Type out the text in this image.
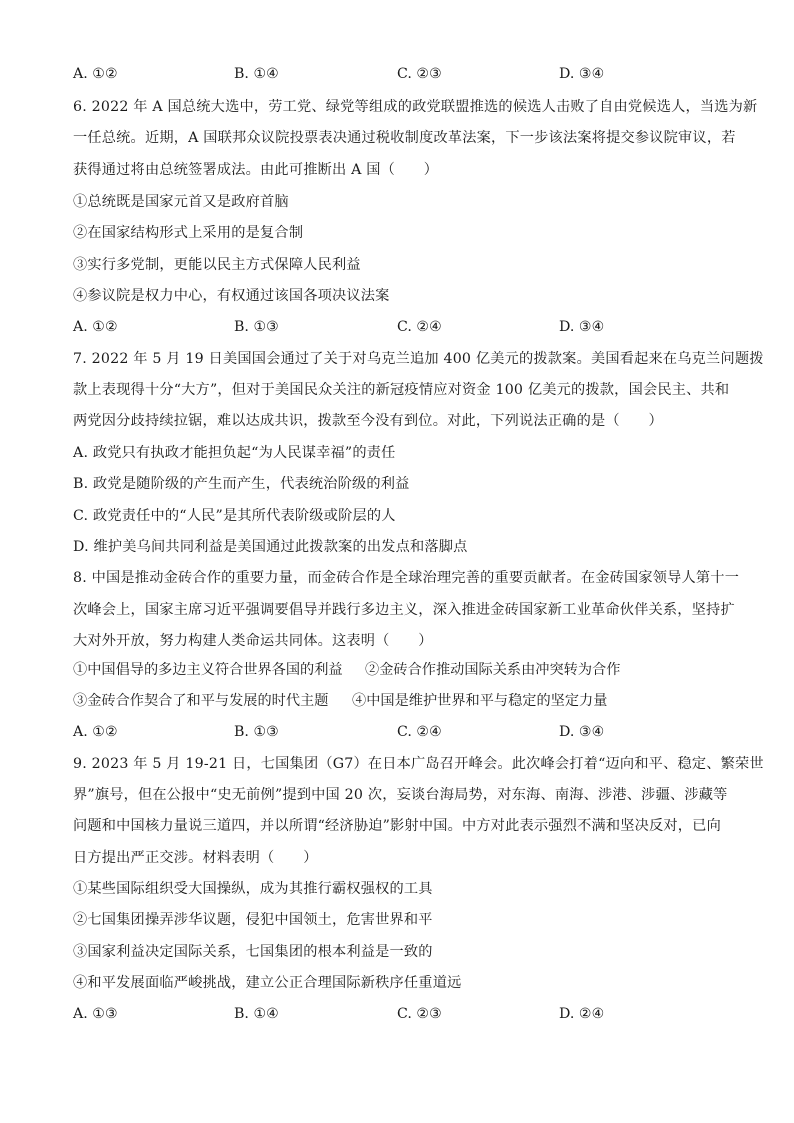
A. ①②	B. ①④	C. ②③	D. ③④
6. 2022 年 A 国总统大选中，劳工党、绿党等组成的政党联盟推选的候选人击败了自由党候选人，当选为新
一任总统。近期，A 国联邦众议院投票表决通过税收制度改革法案，下一步该法案将提交参议院审议，若
获得通过将由总统签署成法。由此可推断出 A 国（　　）
①总统既是国家元首又是政府首脑
②在国家结构形式上采用的是复合制
③实行多党制，更能以民主方式保障人民利益
④参议院是权力中心，有权通过该国各项决议法案
A. ①②	B. ①③	C. ②④	D. ③④
7. 2022 年 5 月 19 日美国国会通过了关于对乌克兰追加 400 亿美元的拨款案。美国看起来在乌克兰问题拨
款上表现得十分“大方”，但对于美国民众关注的新冠疫情应对资金 100 亿美元的拨款，国会民主、共和
两党因分歧持续拉锯，难以达成共识，拨款至今没有到位。对此，下列说法正确的是（　　）
A. 政党只有执政才能担负起“为人民谋幸福”的责任
B. 政党是随阶级的产生而产生，代表统治阶级的利益
C. 政党责任中的“人民”是其所代表阶级或阶层的人
D. 维护美乌间共同利益是美国通过此拨款案的出发点和落脚点
8. 中国是推动金砖合作的重要力量，而金砖合作是全球治理完善的重要贡献者。在金砖国家领导人第十一
次峰会上，国家主席习近平强调要倡导并践行多边主义，深入推进金砖国家新工业革命伙伴关系，坚持扩
大对外开放，努力构建人类命运共同体。这表明（　　）
①中国倡导的多边主义符合世界各国的利益 ②金砖合作推动国际关系由冲突转为合作
③金砖合作契合了和平与发展的时代主题 ④中国是维护世界和平与稳定的坚定力量
A. ①②	B. ①③	C. ②④	D. ③④
9. 2023 年 5 月 19-21 日，七国集团（G7）在日本广岛召开峰会。此次峰会打着“迈向和平、稳定、繁荣世
界”旗号，但在公报中“史无前例”提到中国 20 次，妄谈台海局势，对东海、南海、涉港、涉疆、涉藏等
问题和中国核力量说三道四，并以所谓“经济胁迫”影射中国。中方对此表示强烈不满和坚决反对，已向
日方提出严正交涉。材料表明（　　）
①某些国际组织受大国操纵，成为其推行霸权强权的工具
②七国集团操弄涉华议题，侵犯中国领土，危害世界和平
③国家利益决定国际关系，七国集团的根本利益是一致的
④和平发展面临严峻挑战，建立公正合理国际新秩序任重道远
A. ①③	B. ①④	C. ②③	D. ②④
